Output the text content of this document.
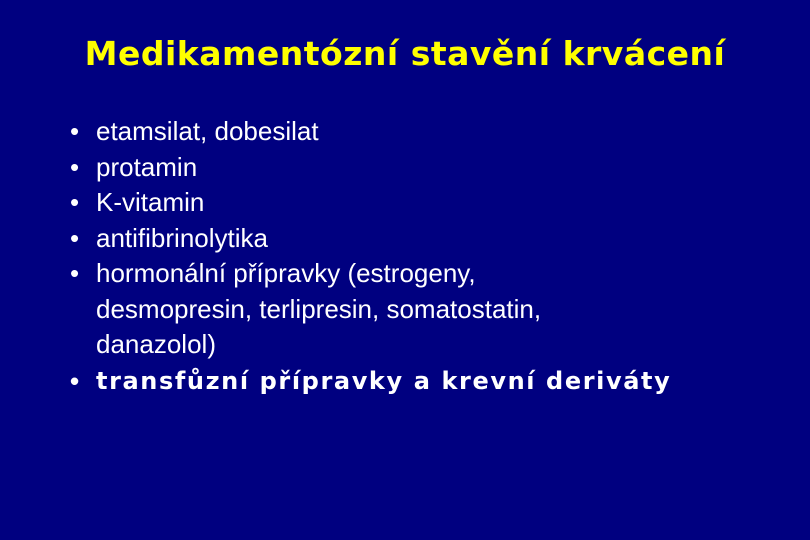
Medikamentózní stavění krvácení
• etamsilat, dobesilat
• protamin
• K-vitamin
• antifibrinolytika
• hormonální přípravky (estrogeny,
desmopresin, terlipresin, somatostatin,
danazolol)
• transfůzní přípravky a krevní deriváty
